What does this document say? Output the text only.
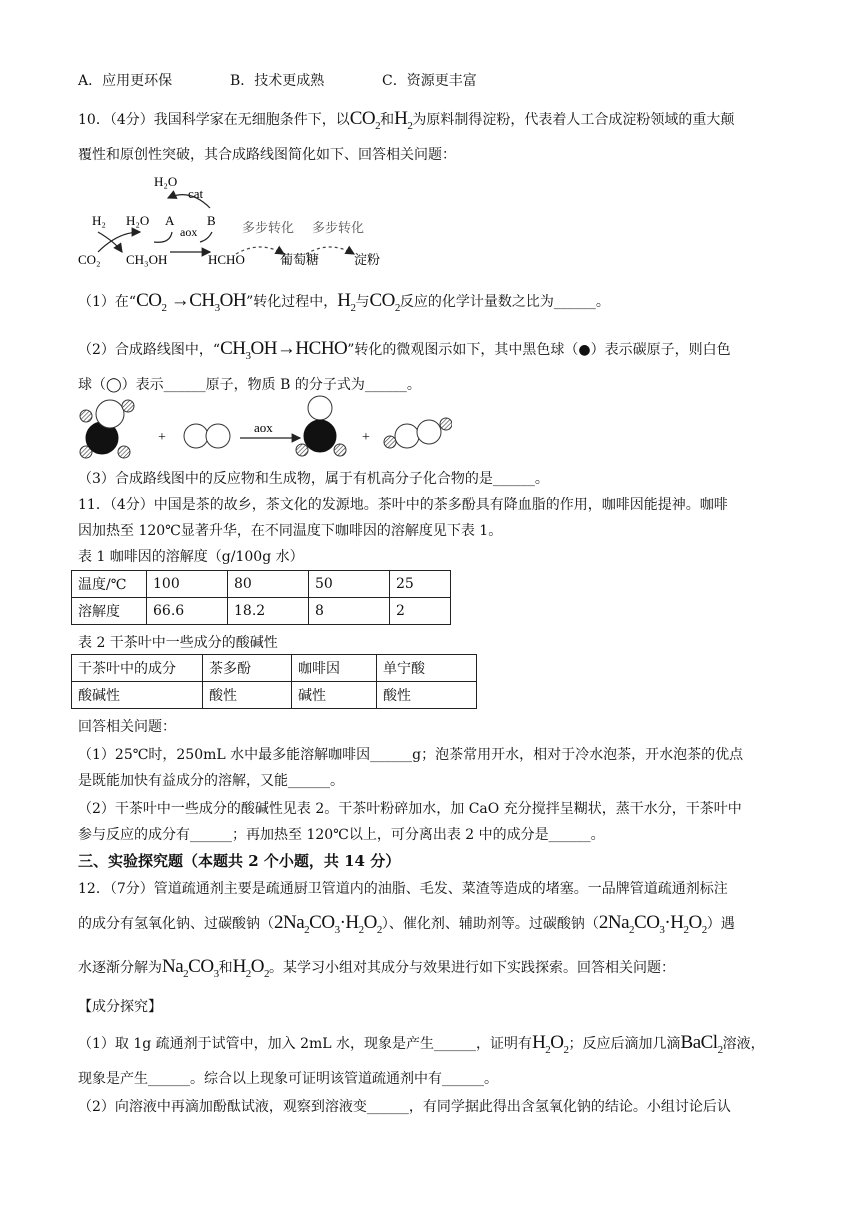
A．应用更环保	B．技术更成熟	C．资源更丰富
10．（4分）我国科学家在无细胞条件下，以$CO_2$和$H_2$为原料制得淀粉，代表着人工合成淀粉领域的重大颠
覆性和原创性突破，其合成路线图简化如下、回答相关问题：
H₂O
cat
H₂ H₂O A	B
aox	多步转化 多步转化
CO₂ CH₃OH	HCHO	葡萄糖	淀粉
（1）在“$CO_2 \to CH_3OH$”转化过程中，$H_2$与$CO_2$反应的化学计量数之比为______。
（2）合成路线图中，“$CH_3OH\to HCHO$”转化的微观图示如下，其中黑色球（●）表示碳原子，则白色
球（◯）表示______原子，物质 B 的分子式为______。
+
aox
+
（3）合成路线图中的反应物和生成物，属于有机高分子化合物的是______。
11．（4分）中国是茶的故乡，茶文化的发源地。茶叶中的茶多酚具有降血脂的作用，咖啡因能提神。咖啡
因加热至 120℃显著升华，在不同温度下咖啡因的溶解度见下表 1。
表 1 咖啡因的溶解度（g/100g 水）
温度/℃	100	80	50	25
溶解度	66.6	18.2	8	2
表 2 干茶叶中一些成分的酸碱性
干茶叶中的成分	茶多酚	咖啡因	单宁酸
酸碱性	酸性	碱性	酸性
回答相关问题：
（1）25℃时，250mL 水中最多能溶解咖啡因______g；泡茶常用开水，相对于冷水泡茶，开水泡茶的优点
是既能加快有益成分的溶解，又能______。
（2）干茶叶中一些成分的酸碱性见表 2。干茶叶粉碎加水，加 CaO 充分搅拌呈糊状，蒸干水分，干茶叶中
参与反应的成分有______；再加热至 120℃以上，可分离出表 2 中的成分是______。
三、实验探究题（本题共 2 个小题，共 14 分）
12．（7分）管道疏通剂主要是疏通厨卫管道内的油脂、毛发、菜渣等造成的堵塞。一品牌管道疏通剂标注
的成分有氢氧化钠、过碳酸钠$(2Na_2CO_3\cdot H_2O_2)$、催化剂、辅助剂等。过碳酸钠$(2Na_2CO_3\cdot H_2O_2)$遇
水逐渐分解为$Na_2CO_3$和$H_2O_2$。某学习小组对其成分与效果进行如下实践探索。回答相关问题：
【成分探究】
（1）取 1g 疏通剂于试管中，加入 2mL 水，现象是产生______，证明有$H_2O_2$；反应后滴加几滴BaCl$_2$溶液，
现象是产生______。综合以上现象可证明该管道疏通剂中有______。
（2）向溶液中再滴加酚酞试液，观察到溶液变______，有同学据此得出含氢氧化钠的结论。小组讨论后认
